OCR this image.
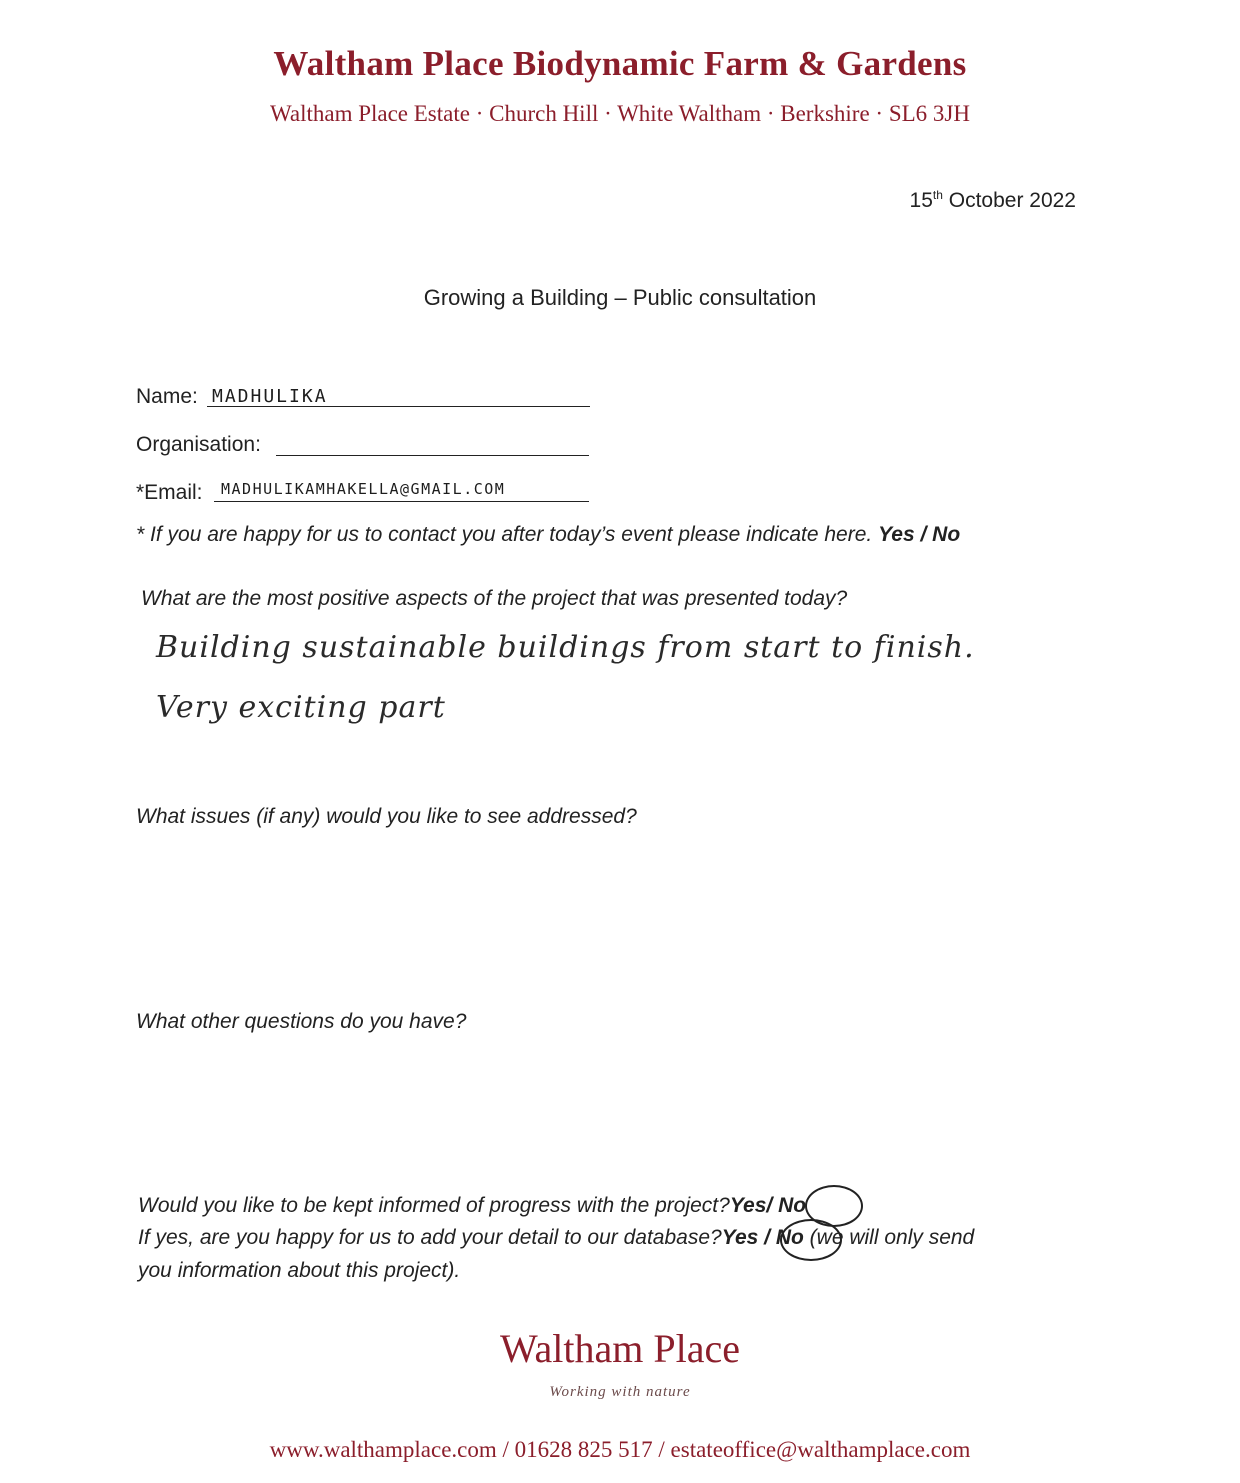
Waltham Place Biodynamic Farm & Gardens
Waltham Place Estate · Church Hill · White Waltham · Berkshire · SL6 3JH
15th October 2022
Growing a Building – Public consultation
Name: MADHULIKA
Organisation:
*Email: MADHULIKAMHAKELLA@GMAIL.COM
* If you are happy for us to contact you after today’s event please indicate here. Yes / No
What are the most positive aspects of the project that was presented today?
Building sustainable buildings from start to finish.
Very exciting part
What issues (if any) would you like to see addressed?
What other questions do you have?
Would you like to be kept informed of progress with the project?Yes/ No
If yes, are you happy for us to add your detail to our database?Yes / No (we will only send
you information about this project).
Waltham Place
Working with nature
www.walthamplace.com / 01628 825 517 / estateoffice@walthamplace.com
